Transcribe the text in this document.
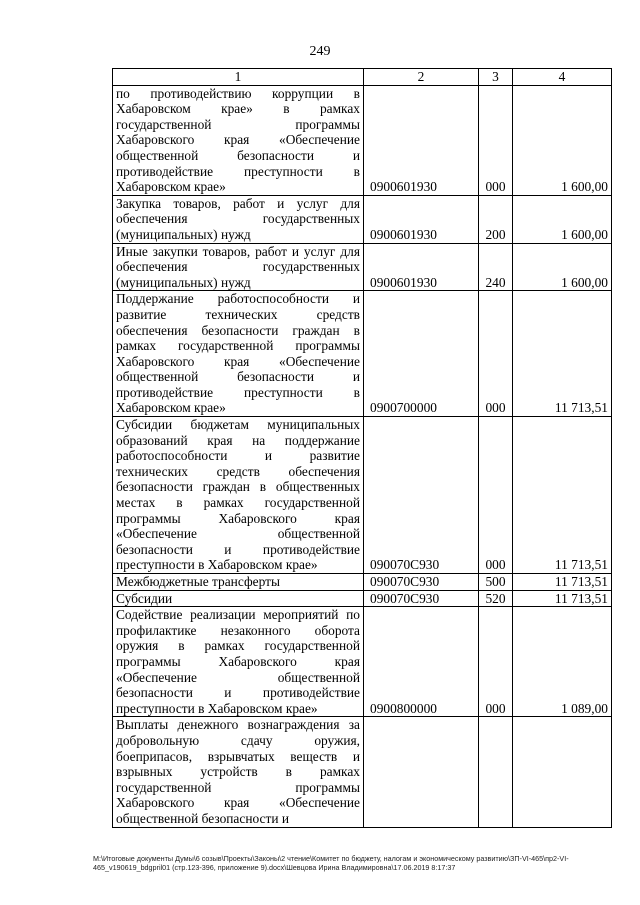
249
1	2	3	4
по противодействию коррупции в Хабаровском крае» в рамках государственной программы Хабаровского края «Обеспечение общественной безопасности и противодействие преступности в Хабаровском крае»	0900601930	000	1 600,00
Закупка товаров, работ и услуг для обеспечения государственных (муниципальных) нужд	0900601930	200	1 600,00
Иные закупки товаров, работ и услуг для обеспечения государственных (муниципальных) нужд	0900601930	240	1 600,00
Поддержание работоспособности и развитие технических средств обеспечения безопасности граждан в рамках государственной программы Хабаровского края «Обеспечение общественной безопасности и противодействие преступности в Хабаровском крае»	0900700000	000	11 713,51
Субсидии бюджетам муниципальных образований края на поддержание работоспособности и развитие технических средств обеспечения безопасности граждан в общественных местах в рамках государственной программы Хабаровского края «Обеспечение общественной безопасности и противодействие преступности в Хабаровском крае»	090070С930	000	11 713,51
Межбюджетные трансферты	090070С930	500	11 713,51
Субсидии	090070С930	520	11 713,51
Содействие реализации мероприятий по профилактике незаконного оборота оружия в рамках государственной программы Хабаровского края «Обеспечение общественной безопасности и противодействие преступности в Хабаровском крае»	0900800000	000	1 089,00
Выплаты денежного вознаграждения за добровольную сдачу оружия, боеприпасов, взрывчатых веществ и взрывных устройств в рамках государственной программы Хабаровского края «Обеспечение общественной безопасности и			
M:\Итоговые документы Думы\6 созыв\Проекты\Законы\2 чтение\Комитет по бюджету, налогам и экономическому развитию\ЗП-VI-465\пр2-VI-465_v190619_bdgpril01 (стр.123-396, приложение 9).docx\Шевцова Ирина Владимировна\17.06.2019 8:17:37
